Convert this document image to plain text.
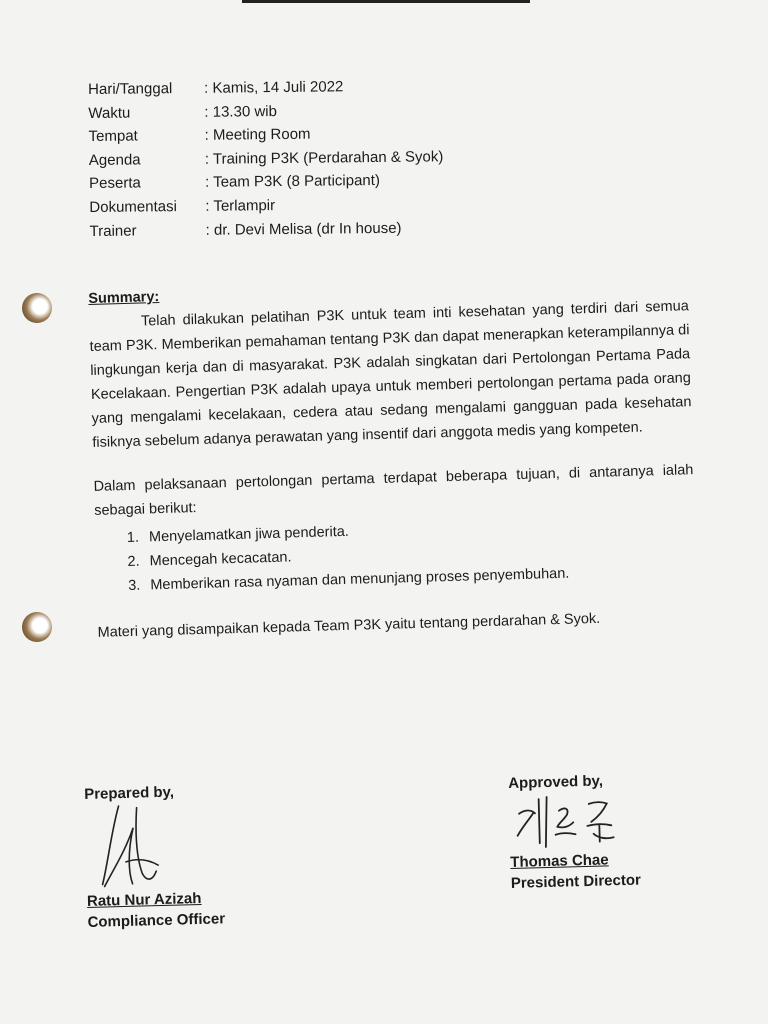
Hari/Tanggal	: Kamis, 14 Juli 2022
Waktu	: 13.30 wib
Tempat	: Meeting Room
Agenda	: Training P3K (Perdarahan & Syok)
Peserta	: Team P3K (8 Participant)
Dokumentasi	: Terlampir
Trainer	: dr. Devi Melisa (dr In house)
Summary:

Telah dilakukan pelatihan P3K untuk team inti kesehatan yang terdiri dari semua team P3K. Memberikan pemahaman tentang P3K dan dapat menerapkan keterampilannya di lingkungan kerja dan di masyarakat. P3K adalah singkatan dari Pertolongan Pertama Pada Kecelakaan. Pengertian P3K adalah upaya untuk memberi pertolongan pertama pada orang yang mengalami kecelakaan, cedera atau sedang mengalami gangguan pada kesehatan fisiknya sebelum adanya perawatan yang insentif dari anggota medis yang kompeten.

Dalam pelaksanaan pertolongan pertama terdapat beberapa tujuan, di antaranya ialah sebagai berikut:

1. Menyelamatkan jiwa penderita.
2. Mencegah kecacatan.
3. Memberikan rasa nyaman dan menunjang proses penyembuhan.

Materi yang disampaikan kepada Team P3K yaitu tentang perdarahan & Syok.

Prepared by,
Ratu Nur Azizah
Compliance Officer
Approved by,
Thomas Chae
President Director
